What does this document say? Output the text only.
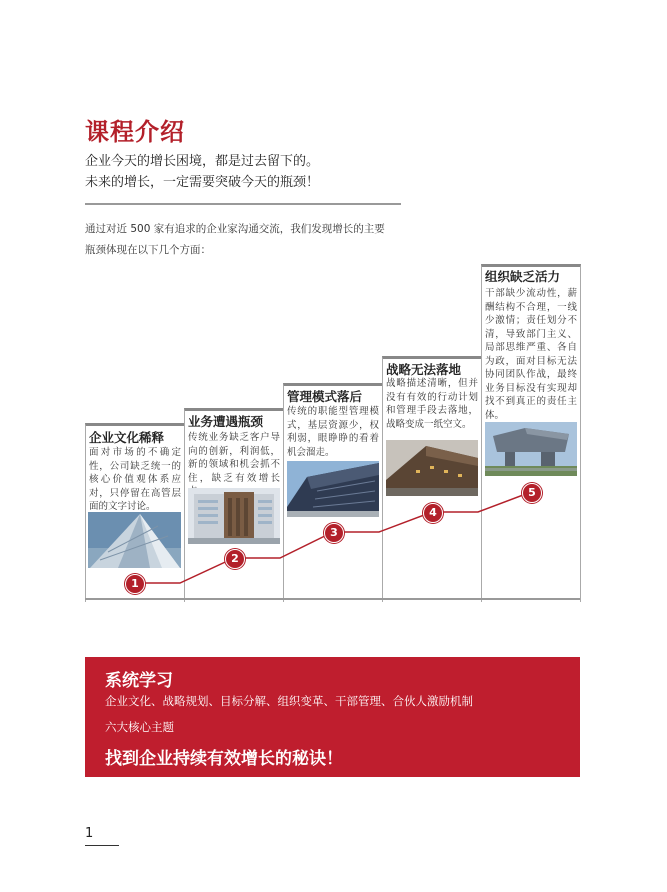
课程介绍
企业今天的增长困境，都是过去留下的。
未来的增长，一定需要突破今天的瓶颈！
通过对近 500 家有追求的企业家沟通交流，我们发现增长的主要
瓶颈体现在以下几个方面：
企业文化稀释
面对市场的不确定性，公司缺乏统一的核心价值观体系应对，只停留在高管层面的文字讨论。
业务遭遇瓶颈
传统业务缺乏客户导向的创新，利润低，新的领域和机会抓不住，缺乏有效增长
管理模式落后
传统的职能型管理模式，基层资源少，权利弱，眼睁睁的看着机会溜走。
战略无法落地
战略描述清晰，但并没有有效的行动计划和管理手段去落地，战略变成一纸空文。
组织缺乏活力
干部缺少流动性，薪酬结构不合理，一线少激情；责任划分不清，导致部门主义、局部思维严重、各自为政，面对目标无法协同团队作战，最终业务目标没有实现却找不到真正的责任主体。
1
2
3
4
5
系统学习
企业文化、战略规划、目标分解、组织变革、干部管理、合伙人激励机制
六大核心主题
找到企业持续有效增长的秘诀！
1
